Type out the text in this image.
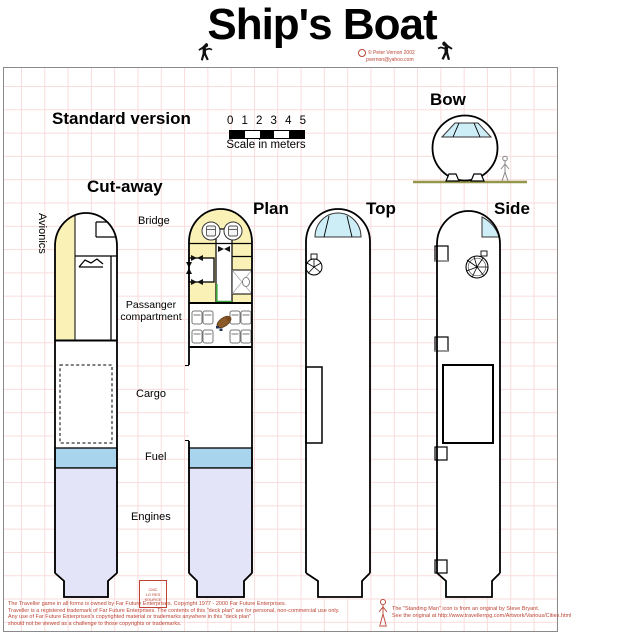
Ship's Boat
© Peter Vernon 2002
pvernon@yahoo.com
Standard version	0 1 2 3 4 5
Scale in meters
Bow
Cut-away
Plan	Top	Side
Avionics	Bridge
Passanger compartment
Cargo
Fuel
Engines
CMC
LO RES
SOURCE
The Traveller game in all forms is owned by Far Future Enterprises. Copyright 1977 - 2000 Far Future Enterprises.
Traveller is a registered trademark of Far Future Enterprises. The contents of this "deck plan" are for personal, non-commercial use only.
Any use of Far Future Enterprises's copyrighted material or trademarks anywhere in this "deck plan"
should not be viewed as a challenge to those copyrights or trademarks.
The "Standing Man" icon is from an original by Steve Bryant.
See the original at http://www.travellerrpg.com/Artwork/Various/Cities.html
